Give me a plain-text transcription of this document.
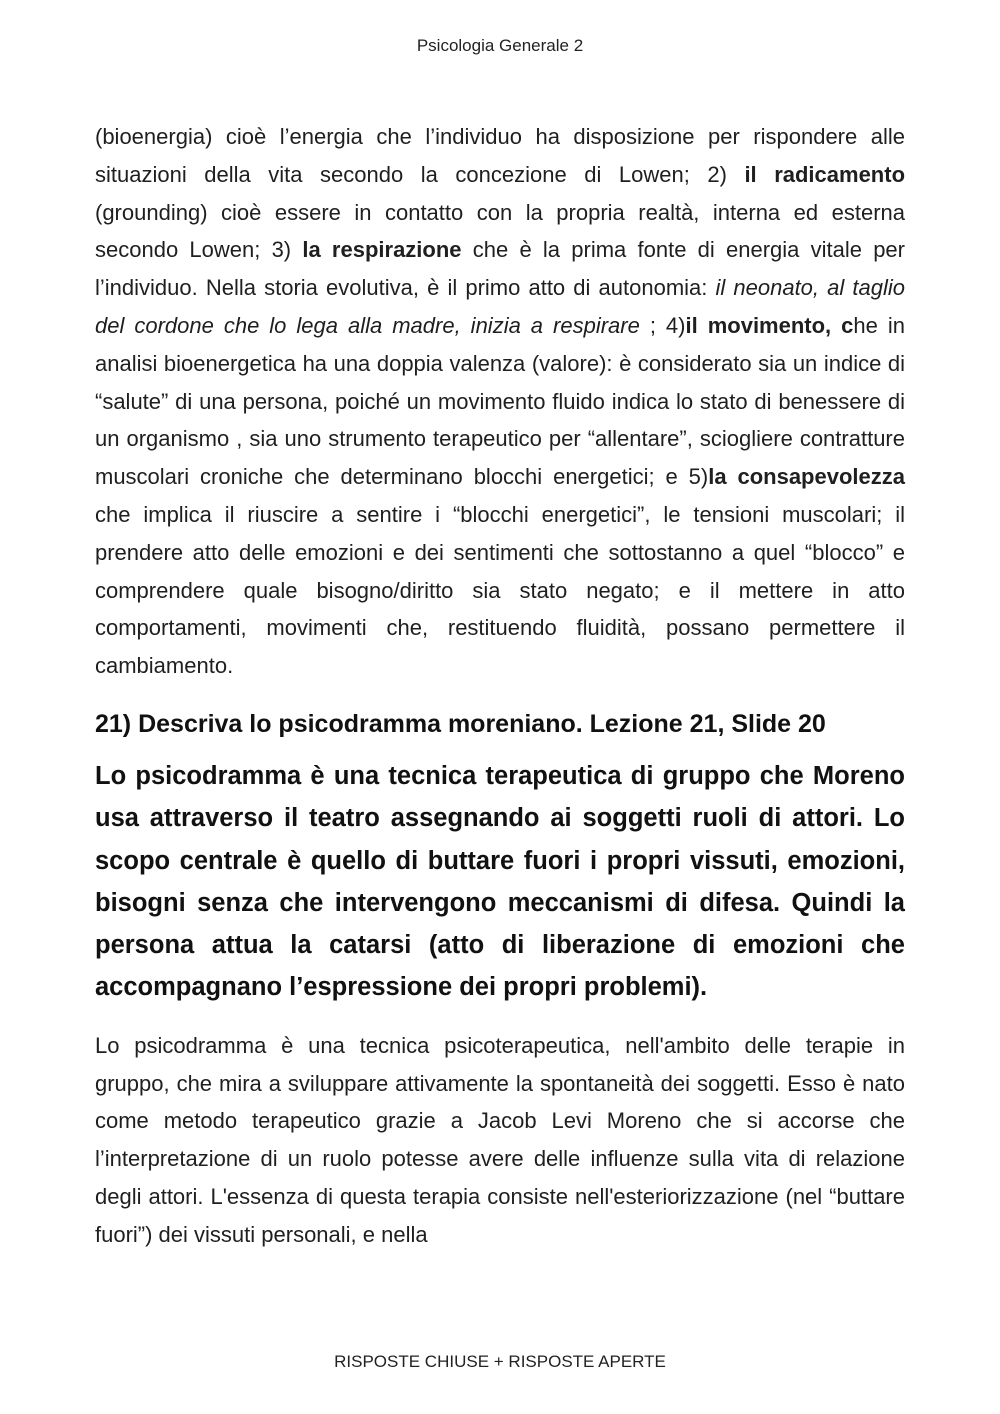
Psicologia Generale 2

(bioenergia) cioè l’energia che l’individuo ha disposizione per rispondere alle situazioni della vita secondo la concezione di Lowen; 2) il radicamento (grounding) cioè essere in contatto con la propria realtà, interna ed esterna secondo Lowen; 3) la respirazione che è la prima fonte di energia vitale per l’individuo. Nella storia evolutiva, è il primo atto di autonomia: il neonato, al taglio del cordone che lo lega alla madre, inizia a respirare ; 4)il movimento, che in analisi bioenergetica ha una doppia valenza (valore): è considerato sia un indice di “salute” di una persona, poiché un movimento fluido indica lo stato di benessere di un organismo , sia uno strumento terapeutico per “allentare”, sciogliere contratture muscolari croniche che determinano blocchi energetici; e 5)la consapevolezza che implica il riuscire a sentire i “blocchi energetici”, le tensioni muscolari; il prendere atto delle emozioni e dei sentimenti che sottostanno a quel “blocco” e comprendere quale bisogno/diritto sia stato negato; e il mettere in atto comportamenti, movimenti che, restituendo fluidità, possano permettere il cambiamento.

21) Descriva lo psicodramma moreniano. Lezione 21, Slide 20

Lo psicodramma è una tecnica terapeutica di gruppo che Moreno usa attraverso il teatro assegnando ai soggetti ruoli di attori. Lo scopo centrale è quello di buttare fuori i propri vissuti, emozioni, bisogni senza che intervengono meccanismi di difesa. Quindi la persona attua la catarsi (atto di liberazione di emozioni che accompagnano l’espressione dei propri problemi).

Lo psicodramma è una tecnica psicoterapeutica, nell'ambito delle terapie in gruppo, che mira a sviluppare attivamente la spontaneità dei soggetti. Esso è nato come metodo terapeutico grazie a Jacob Levi Moreno che si accorse che l’interpretazione di un ruolo potesse avere delle influenze sulla vita di relazione degli attori. L'essenza di questa terapia consiste nell'esteriorizzazione (nel “buttare fuori”) dei vissuti personali, e nella

RISPOSTE CHIUSE + RISPOSTE APERTE
